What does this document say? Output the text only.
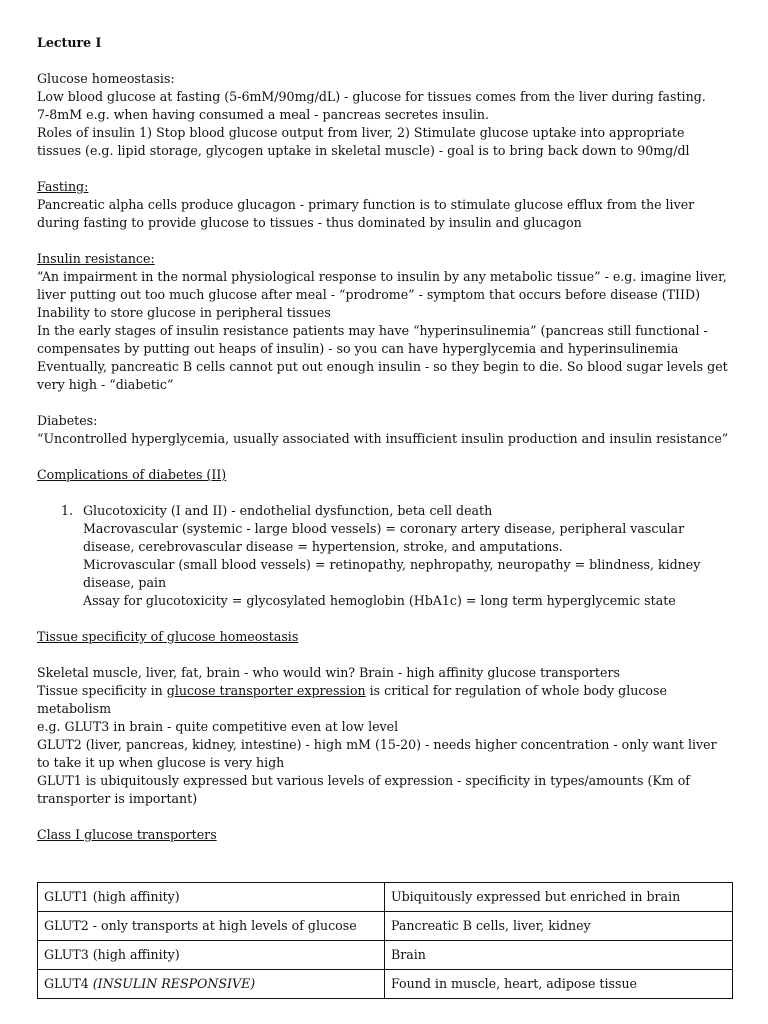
Lecture I

Glucose homeostasis:

Low blood glucose at fasting (5-6mM/90mg/dL) - glucose for tissues comes from the liver during fasting.

7-8mM e.g. when having consumed a meal - pancreas secretes insulin.

Roles of insulin 1) Stop blood glucose output from liver, 2) Stimulate glucose uptake into appropriate tissues (e.g. lipid storage, glycogen uptake in skeletal muscle) - goal is to bring back down to 90mg/dl

Fasting:

Pancreatic alpha cells produce glucagon - primary function is to stimulate glucose efflux from the liver during fasting to provide glucose to tissues - thus dominated by insulin and glucagon

Insulin resistance:

“An impairment in the normal physiological response to insulin by any metabolic tissue” - e.g. imagine liver, liver putting out too much glucose after meal - “prodrome” - symptom that occurs before disease (TIID)

Inability to store glucose in peripheral tissues

In the early stages of insulin resistance patients may have “hyperinsulinemia” (pancreas still functional - compensates by putting out heaps of insulin) - so you can have hyperglycemia and hyperinsulinemia

Eventually, pancreatic B cells cannot put out enough insulin - so they begin to die. So blood sugar levels get very high - “diabetic”

Diabetes:

“Uncontrolled hyperglycemia, usually associated with insufficient insulin production and insulin resistance”

Complications of diabetes (II)

1. Glucotoxicity (I and II) - endothelial dysfunction, beta cell death

Macrovascular (systemic - large blood vessels) = coronary artery disease, peripheral vascular disease, cerebrovascular disease = hypertension, stroke, and amputations.

Microvascular (small blood vessels) = retinopathy, nephropathy, neuropathy = blindness, kidney disease, pain

Assay for glucotoxicity = glycosylated hemoglobin (HbA1c) = long term hyperglycemic state

Tissue specificity of glucose homeostasis

Skeletal muscle, liver, fat, brain - who would win? Brain - high affinity glucose transporters

Tissue specificity in glucose transporter expression is critical for regulation of whole body glucose metabolism

e.g. GLUT3 in brain - quite competitive even at low level

GLUT2 (liver, pancreas, kidney, intestine) - high mM (15-20) - needs higher concentration - only want liver to take it up when glucose is very high

GLUT1 is ubiquitously expressed but various levels of expression - specificity in types/amounts (Km of transporter is important)

Class I glucose transporters

GLUT1 (high affinity)	Ubiquitously expressed but enriched in brain
GLUT2 - only transports at high levels of glucose	Pancreatic B cells, liver, kidney
GLUT3 (high affinity)	Brain
GLUT4 (INSULIN RESPONSIVE)	Found in muscle, heart, adipose tissue
